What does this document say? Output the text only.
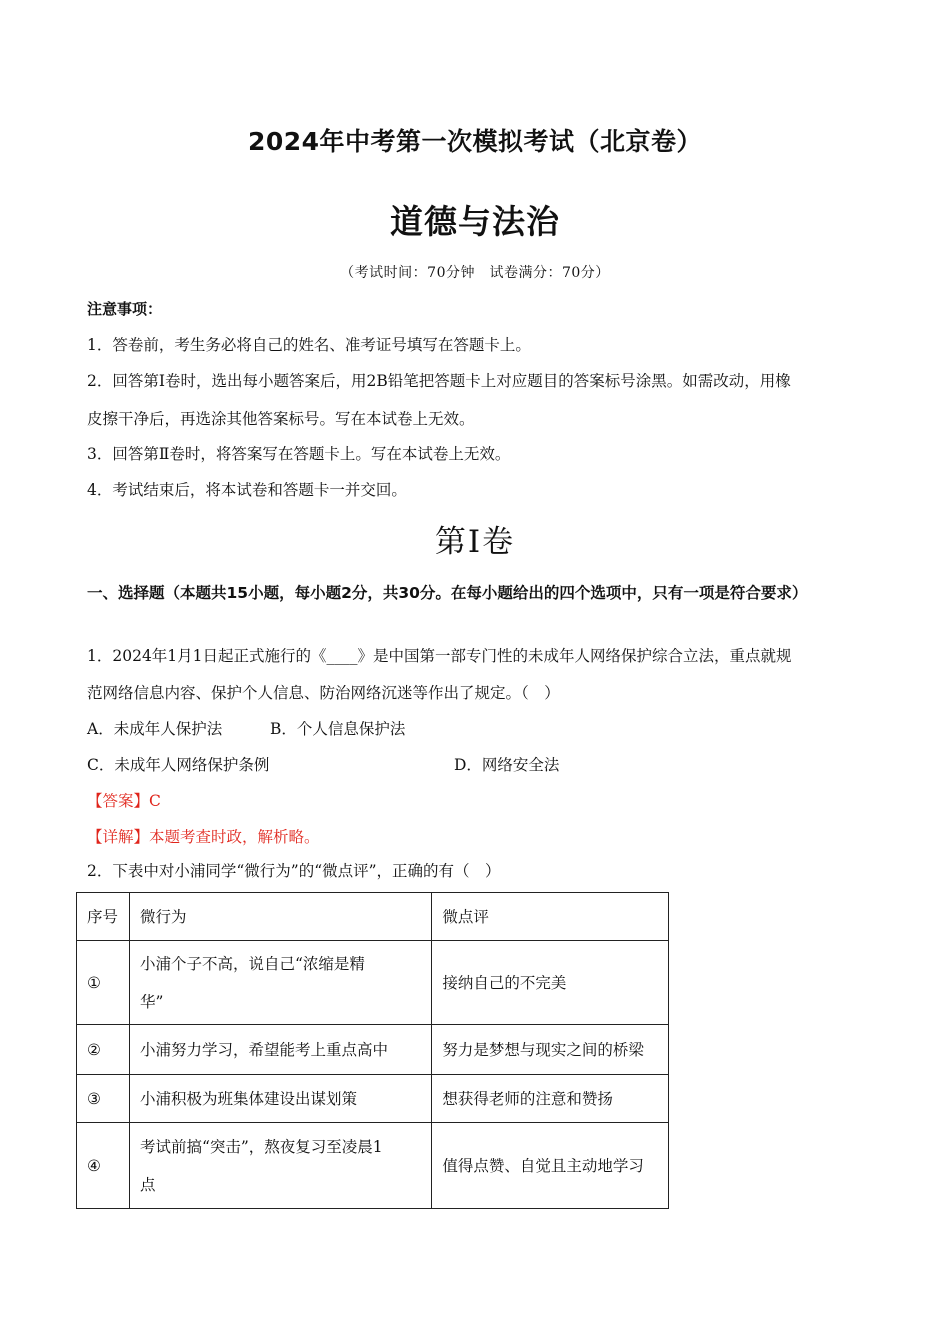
2024年中考第一次模拟考试（北京卷）
道德与法治
（考试时间：70分钟　试卷满分：70分）
注意事项：
1．答卷前，考生务必将自己的姓名、准考证号填写在答题卡上。
2．回答第Ⅰ卷时，选出每小题答案后，用2B铅笔把答题卡上对应题目的答案标号涂黑。如需改动，用橡
皮擦干净后，再选涂其他答案标号。写在本试卷上无效。
3．回答第Ⅱ卷时，将答案写在答题卡上。写在本试卷上无效。
4．考试结束后，将本试卷和答题卡一并交回。
第Ⅰ卷
一、选择题（本题共15小题，每小题2分，共30分。在每小题给出的四个选项中，只有一项是符合要求）
1．2024年1月1日起正式施行的《____》是中国第一部专门性的未成年人网络保护综合立法，重点就规
范网络信息内容、保护个人信息、防治网络沉迷等作出了规定。（　）
A．未成年人保护法	B．个人信息保护法
C．未成年人网络保护条例	D．网络安全法
【答案】C
【详解】本题考查时政，解析略。
2．下表中对小浦同学“微行为”的“微点评”，正确的有（　）
序号	微行为	微点评
①	小浦个子不高，说自己“浓缩是精
华”	接纳自己的不完美
②	小浦努力学习，希望能考上重点高中	努力是梦想与现实之间的桥梁
③	小浦积极为班集体建设出谋划策	想获得老师的注意和赞扬
④	考试前搞“突击”，熬夜复习至凌晨1
点	值得点赞、自觉且主动地学习
